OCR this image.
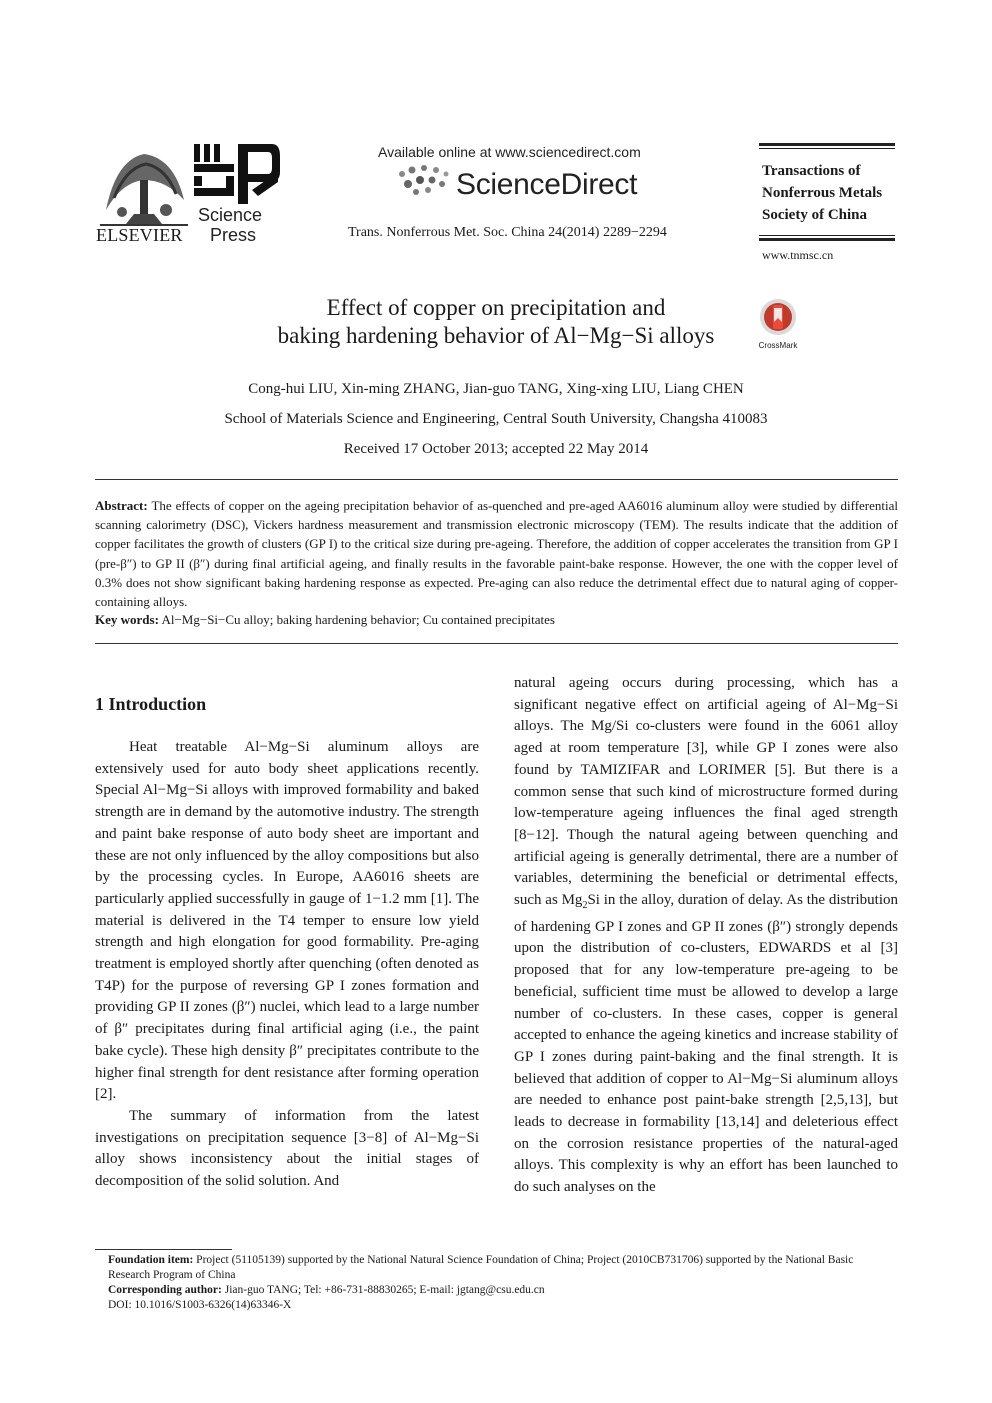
ELSEVIER
Science
Press
Available online at www.sciencedirect.com
ScienceDirect
Trans. Nonferrous Met. Soc. China 24(2014) 2289−2294
Transactions of
Nonferrous Metals
Society of China
www.tnmsc.cn
Effect of copper on precipitation and
baking hardening behavior of Al−Mg−Si alloys	CrossMark
Cong-hui LIU, Xin-ming ZHANG, Jian-guo TANG, Xing-xing LIU, Liang CHEN
School of Materials Science and Engineering, Central South University, Changsha 410083
Received 17 October 2013; accepted 22 May 2014
Abstract: The effects of copper on the ageing precipitation behavior of as-quenched and pre-aged AA6016 aluminum alloy were studied by differential scanning calorimetry (DSC), Vickers hardness measurement and transmission electronic microscopy (TEM). The results indicate that the addition of copper facilitates the growth of clusters (GP I) to the critical size during pre-ageing. Therefore, the addition of copper accelerates the transition from GP I (pre-β″) to GP II (β″) during final artificial ageing, and finally results in the favorable paint-bake response. However, the one with the copper level of 0.3% does not show significant baking hardening response as expected. Pre-aging can also reduce the detrimental effect due to natural aging of copper-containing alloys.
Key words: Al−Mg−Si−Cu alloy; baking hardening behavior; Cu contained precipitates
1 Introduction

Heat treatable Al−Mg−Si aluminum alloys are extensively used for auto body sheet applications recently. Special Al−Mg−Si alloys with improved formability and baked strength are in demand by the automotive industry. The strength and paint bake response of auto body sheet are important and these are not only influenced by the alloy compositions but also by the processing cycles. In Europe, AA6016 sheets are particularly applied successfully in gauge of 1−1.2 mm [1]. The material is delivered in the T4 temper to ensure low yield strength and high elongation for good formability. Pre-aging treatment is employed shortly after quenching (often denoted as T4P) for the purpose of reversing GP I zones formation and providing GP II zones (β″) nuclei, which lead to a large number of β″ precipitates during final artificial aging (i.e., the paint bake cycle). These high density β″ precipitates contribute to the higher final strength for dent resistance after forming operation [2].

The summary of information from the latest investigations on precipitation sequence [3−8] of Al−Mg−Si alloy shows inconsistency about the initial stages of decomposition of the solid solution. And

natural ageing occurs during processing, which has a significant negative effect on artificial ageing of Al−Mg−Si alloys. The Mg/Si co-clusters were found in the 6061 alloy aged at room temperature [3], while GP I zones were also found by TAMIZIFAR and LORIMER [5]. But there is a common sense that such kind of microstructure formed during low-temperature ageing influences the final aged strength [8−12]. Though the natural ageing between quenching and artificial ageing is generally detrimental, there are a number of variables, determining the beneficial or detrimental effects, such as $Mg_2Si$ in the alloy, duration of delay. As the distribution of hardening GP I zones and GP II zones (β″) strongly depends upon the distribution of co-clusters, EDWARDS et al [3] proposed that for any low-temperature pre-ageing to be beneficial, sufficient time must be allowed to develop a large number of co-clusters. In these cases, copper is general accepted to enhance the ageing kinetics and increase stability of GP I zones during paint-baking and the final strength. It is believed that addition of copper to Al−Mg−Si aluminum alloys are needed to enhance post paint-bake strength [2,5,13], but leads to decrease in formability [13,14] and deleterious effect on the corrosion resistance properties of the natural-aged alloys. This complexity is why an effort has been launched to do such analyses on the

Foundation item: Project (51105139) supported by the National Natural Science Foundation of China; Project (2010CB731706) supported by the National Basic Research Program of China
Corresponding author: Jian-guo TANG; Tel: +86-731-88830265; E-mail: jgtang@csu.edu.cn
DOI: 10.1016/S1003-6326(14)63346-X
